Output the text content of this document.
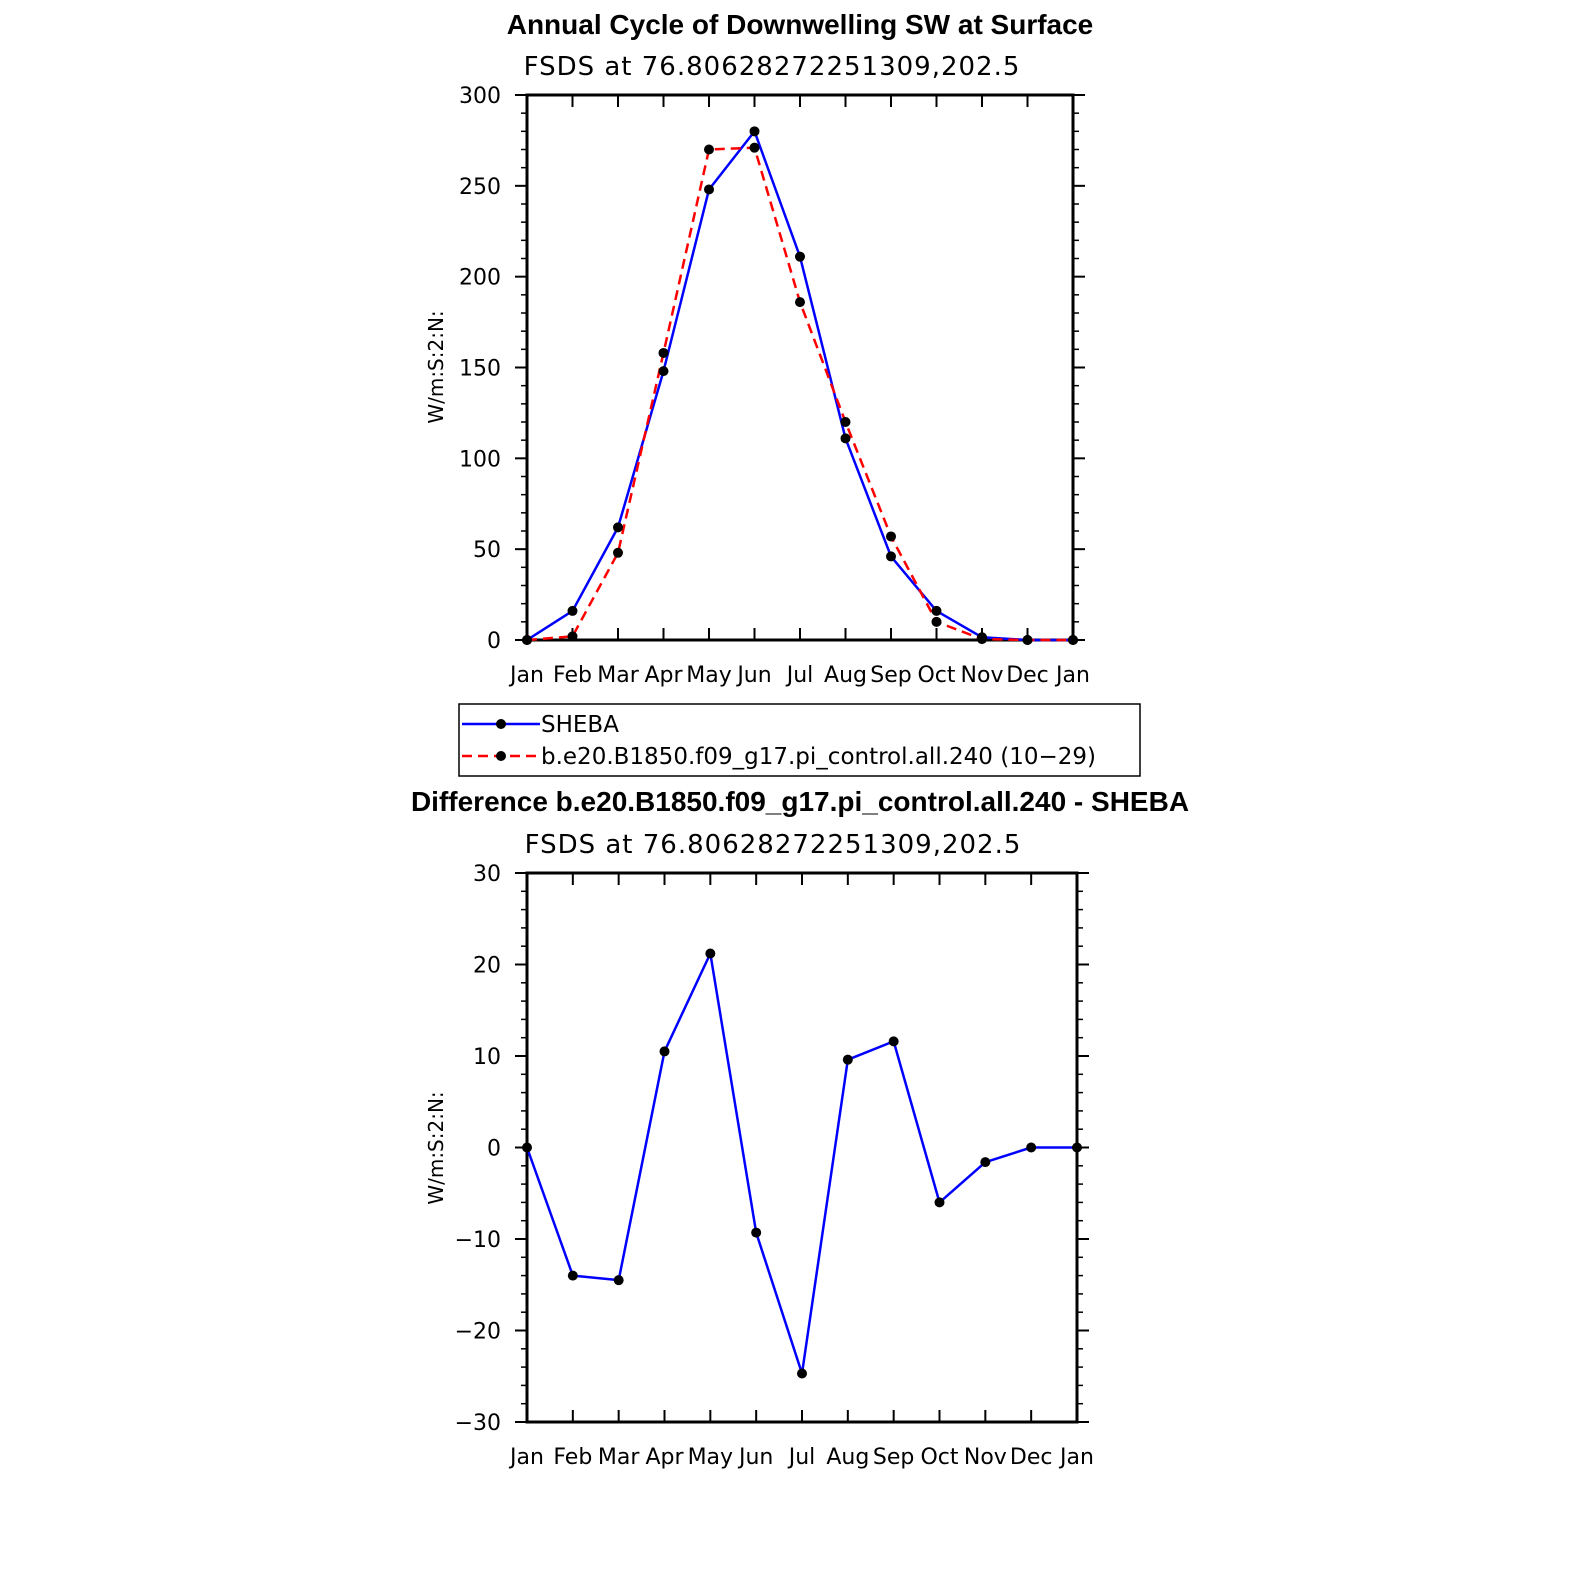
Annual Cycle of Downwelling SW at Surface
FSDS at 76.80628272251309,202.5
W/m:S:2:N:
Jan Feb Mar Apr May Jun Jul Aug Sep Oct Nov Dec Jan
0
50
100
150
200
250
300
SHEBA
b.e20.B1850.f09_g17.pi_control.all.240 (10−29)
Difference b.e20.B1850.f09_g17.pi_control.all.240 - SHEBA
FSDS at 76.80628272251309,202.5
W/m:S:2:N:
Jan Feb Mar Apr May Jun Jul Aug Sep Oct Nov Dec Jan
−30
−20
−10
0
10
20
30
